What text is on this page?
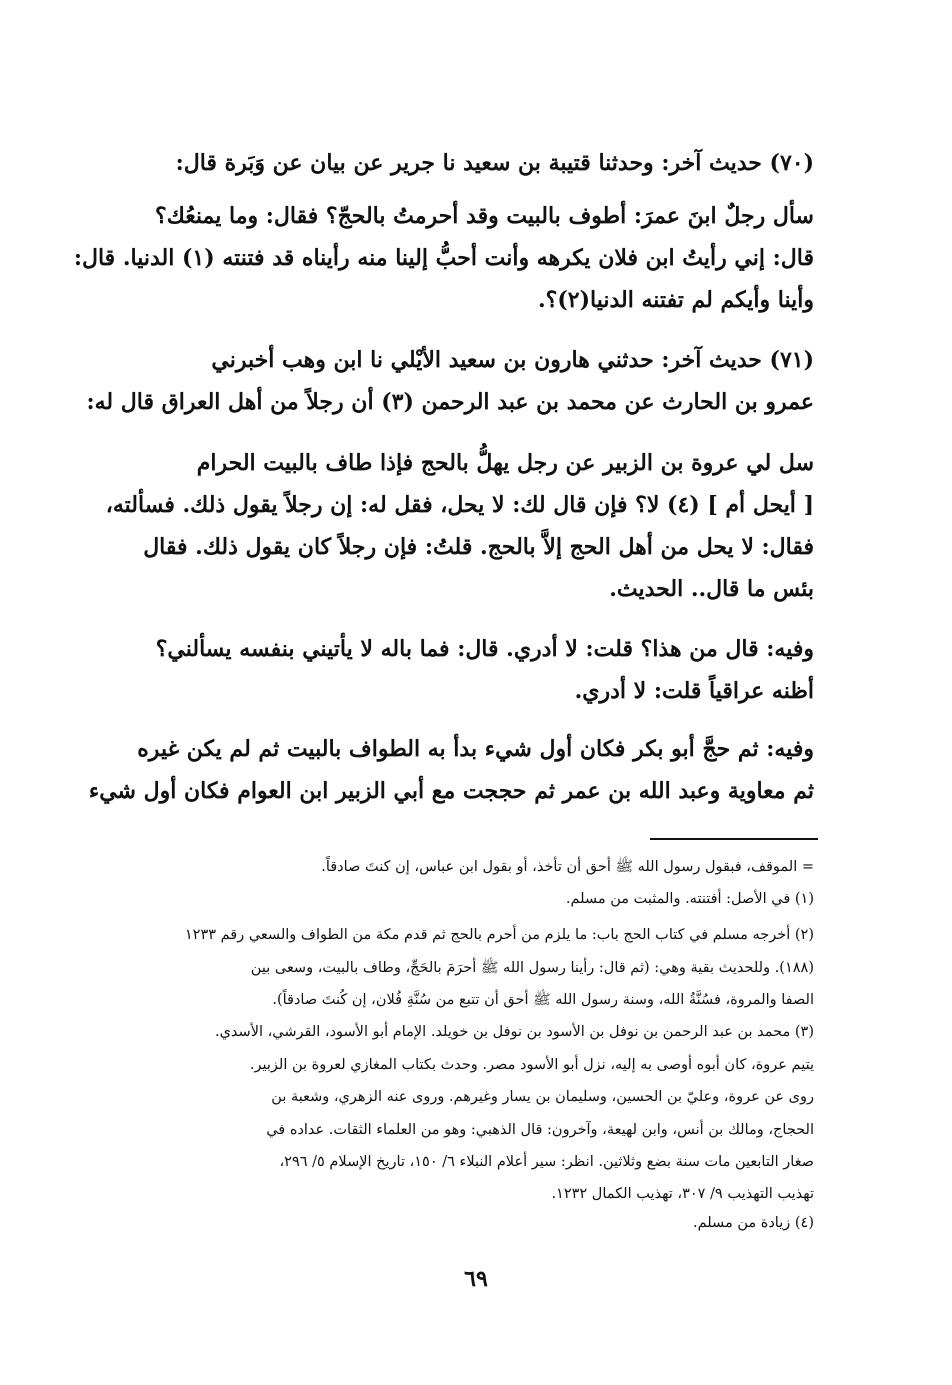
(٧٠) حديث آخر: وحدثنا قتيبة بن سعيد نا جرير عن بيان عن وَبَرة قال:
سأل رجلٌ ابنَ عمرَ: أطوف بالبيت وقد أحرمتُ بالحجّ؟ فقال: وما يمنعُك؟
قال: إني رأيتُ ابن فلان يكرهه وأنت أحبُّ إلينا منه رأيناه قد فتنته (١) الدنيا. قال:
وأينا وأيكم لم تفتنه الدنيا(٢)؟.
(٧١) حديث آخر: حدثني هارون بن سعيد الأيْلي نا ابن وهب أخبرني
عمرو بن الحارث عن محمد بن عبد الرحمن (٣) أن رجلاً من أهل العراق قال له:
سل لي عروة بن الزبير عن رجل يهلُّ بالحج فإذا طاف بالبيت الحرام
[ أيحل أم ] (٤) لا؟ فإن قال لك: لا يحل، فقل له: إن رجلاً يقول ذلك. فسألته،
فقال: لا يحل من أهل الحج إلاَّ بالحج. قلتُ: فإن رجلاً كان يقول ذلك. فقال
بئس ما قال.. الحديث.
وفيه: قال من هذا؟ قلت: لا أدري. قال: فما باله لا يأتيني بنفسه يسألني؟
أظنه عراقياً قلت: لا أدري.
وفيه: ثم حجَّ أبو بكر فكان أول شيء بدأ به الطواف بالبيت ثم لم يكن غيره
ثم معاوية وعبد الله بن عمر ثم حججت مع أبي الزبير ابن العوام فكان أول شيء
= الموقف، فبقول رسول الله ﷺ أحق أن تأخذ، أو بقول ابن عباس، إن كنتَ صادقاً.
(١) في الأصل: أفتنته. والمثبت من مسلم.
(٢) أخرجه مسلم في كتاب الحج باب: ما يلزم من أحرم بالحج ثم قدم مكة من الطواف والسعي رقم ١٢٣٣
(١٨٨). وللحديث بقية وهي: (ثم قال: رأينا رسول الله ﷺ أحرَمَ بالحَجِّ، وطاف بالبيت، وسعى بين
الصفا والمروة، فسُنَّةُ الله، وسنة رسول الله ﷺ أحق أن تتبع من سُنَّةِ فُلان، إن كُنتَ صادقاً).
(٣) محمد بن عبد الرحمن بن نوفل بن الأسود بن نوفل بن خويلد. الإمام أبو الأسود، القرشي، الأسدي.
يتيم عروة، كان أبوه أوصى به إليه، نزل أبو الأسود مصر. وحدث بكتاب المغازي لعروة بن الزبير.
روى عن عروة، وعليّ بن الحسين، وسليمان بن يسار وغيرهم. وروى عنه الزهري، وشعبة بن
الحجاج، ومالك بن أنس، وابن لهيعة، وآخرون: قال الذهبي: وهو من العلماء الثقات. عداده في
صغار التابعين مات سنة بضع وثلاثين. انظر: سير أعلام النبلاء ٦/ ١٥٠، تاريخ الإسلام ٥/ ٢٩٦،
تهذيب التهذيب ٩/ ٣٠٧، تهذيب الكمال ١٢٣٢.
(٤) زيادة من مسلم.
٦٩
